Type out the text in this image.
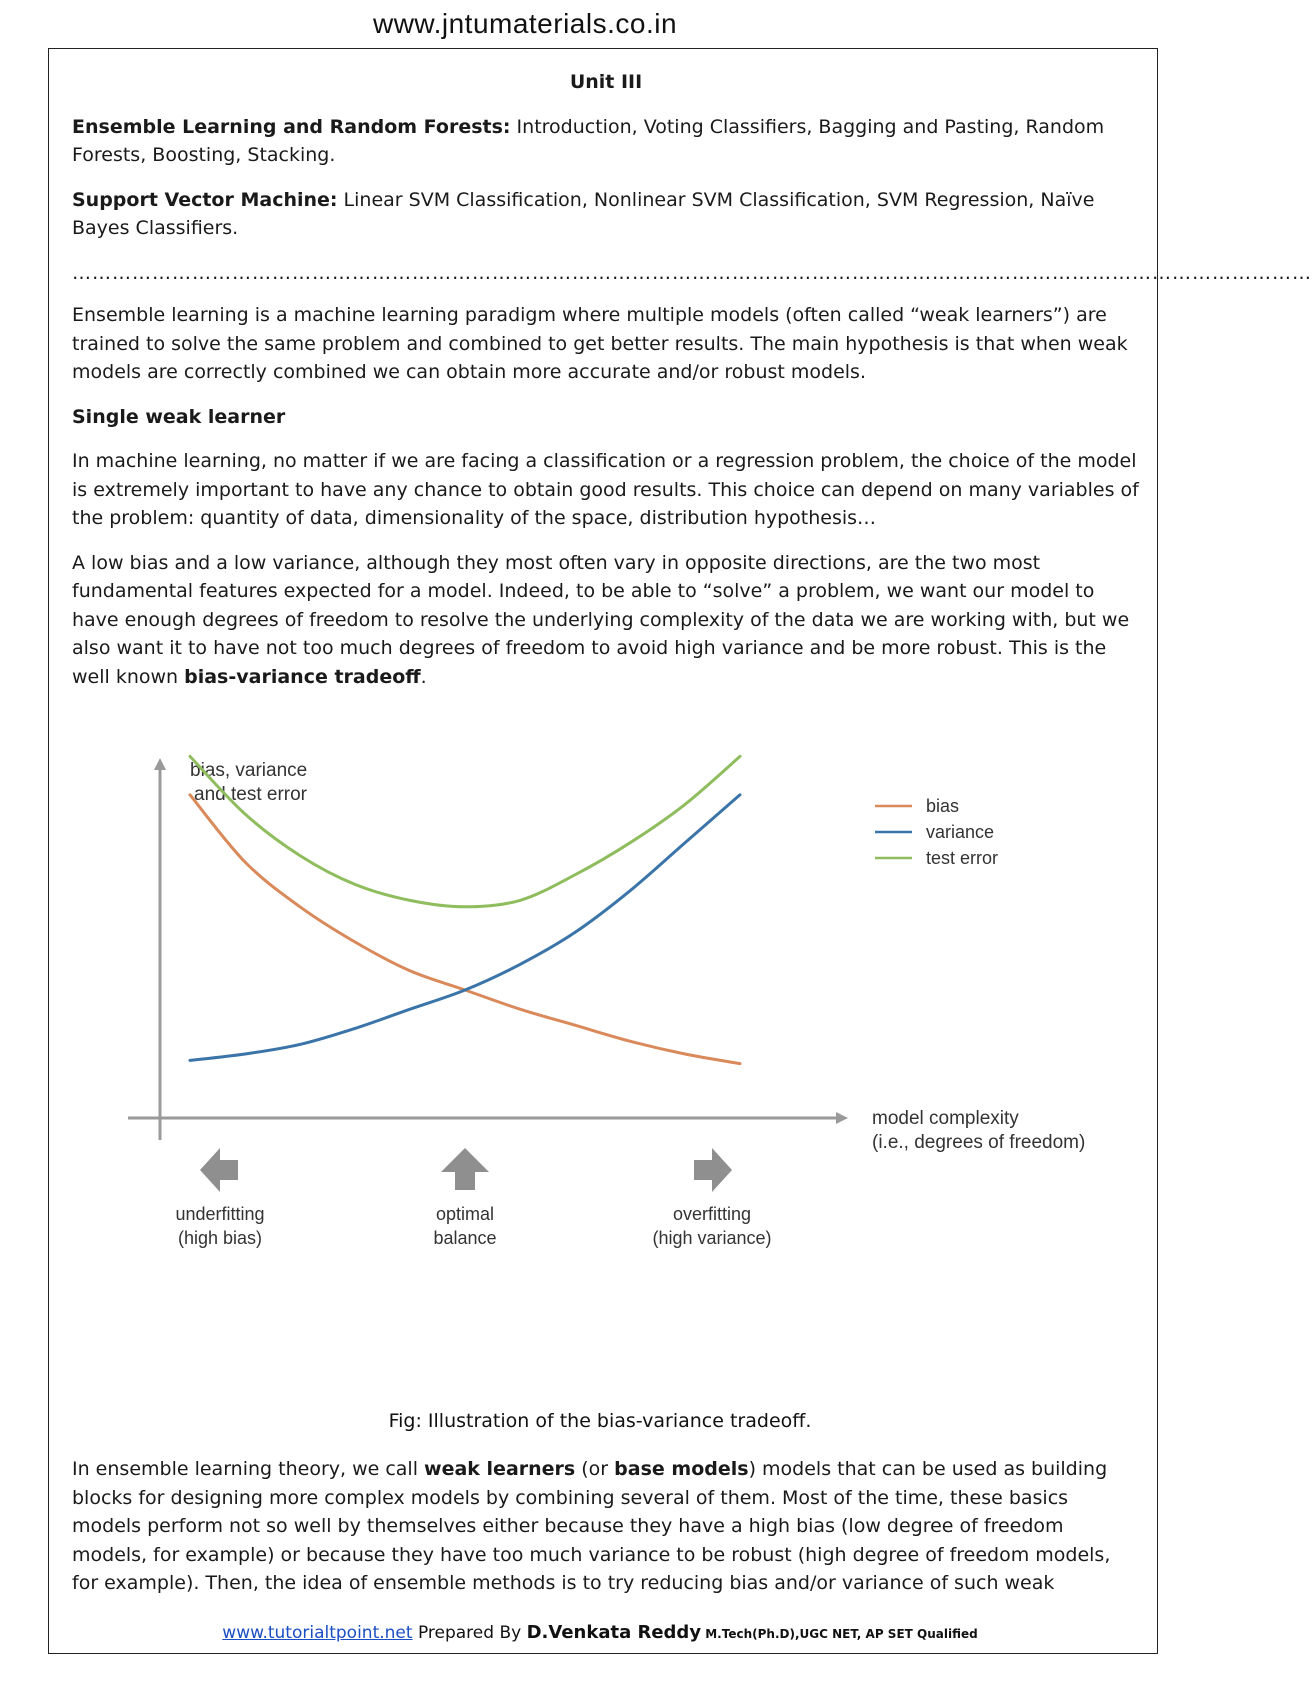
www.jntumaterials.co.in

Unit III

Ensemble Learning and Random Forests: Introduction, Voting Classifiers, Bagging and Pasting, Random Forests, Boosting, Stacking.

Support Vector Machine: Linear SVM Classification, Nonlinear SVM Classification, SVM Regression, Naïve Bayes Classifiers.

……………………………………………………………………………………………………………………………………………………………………

Ensemble learning is a machine learning paradigm where multiple models (often called “weak learners”) are trained to solve the same problem and combined to get better results. The main hypothesis is that when weak models are correctly combined we can obtain more accurate and/or robust models.

Single weak learner

In machine learning, no matter if we are facing a classification or a regression problem, the choice of the model is extremely important to have any chance to obtain good results. This choice can depend on many variables of the problem: quantity of data, dimensionality of the space, distribution hypothesis…

A low bias and a low variance, although they most often vary in opposite directions, are the two most fundamental features expected for a model. Indeed, to be able to “solve” a problem, we want our model to have enough degrees of freedom to resolve the underlying complexity of the data we are working with, but we also want it to have not too much degrees of freedom to avoid high variance and be more robust. This is the well known bias-variance tradeoff.

bias, variance
and test error
model complexity
(i.e., degrees of freedom)
bias
variance
test error
underfitting
(high bias)
optimal
balance
overfitting
(high variance)
Fig: Illustration of the bias-variance tradeoff.
In ensemble learning theory, we call weak learners (or base models) models that can be used as building blocks for designing more complex models by combining several of them. Most of the time, these basics models perform not so well by themselves either because they have a high bias (low degree of freedom models, for example) or because they have too much variance to be robust (high degree of freedom models, for example). Then, the idea of ensemble methods is to try reducing bias and/or variance of such weak
www.tutorialtpoint.net Prepared By D.Venkata Reddy M.Tech(Ph.D),UGC NET, AP SET Qualified
